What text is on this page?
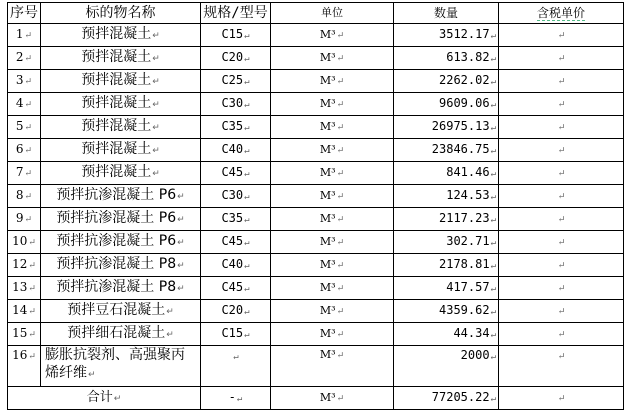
序号	标的物名称	规格/型号	单位	数量	含税单价
1↵	预拌混凝土↵	C15↵	M³↵	3512.17↵	↵
2↵	预拌混凝土↵	C20↵	M³↵	613.82↵	↵
3↵	预拌混凝土↵	C25↵	M³↵	2262.02↵	↵
4↵	预拌混凝土↵	C30↵	M³↵	9609.06↵	↵
5↵	预拌混凝土↵	C35↵	M³↵	26975.13↵	↵
6↵	预拌混凝土↵	C40↵	M³↵	23846.75↵	↵
7↵	预拌混凝土↵	C45↵	M³↵	841.46↵	↵
8↵	预拌抗渗混凝土 P6↵	C30↵	M³↵	124.53↵	↵
9↵	预拌抗渗混凝土 P6↵	C35↵	M³↵	2117.23↵	↵
10↵	预拌抗渗混凝土 P6↵	C45↵	M³↵	302.71↵	↵
12↵	预拌抗渗混凝土 P8↵	C40↵	M³↵	2178.81↵	↵
13↵	预拌抗渗混凝土 P8↵	C45↵	M³↵	417.57↵	↵
14↵	预拌豆石混凝土↵	C20↵	M³↵	4359.62↵	↵
15↵	预拌细石混凝土↵	C15↵	M³↵	44.34↵	↵
16↵	膨胀抗裂剂、高强聚丙烯纤维↵	↵	M³↵	2000↵	↵
合计↵		-↵	M³↵	77205.22↵	↵
